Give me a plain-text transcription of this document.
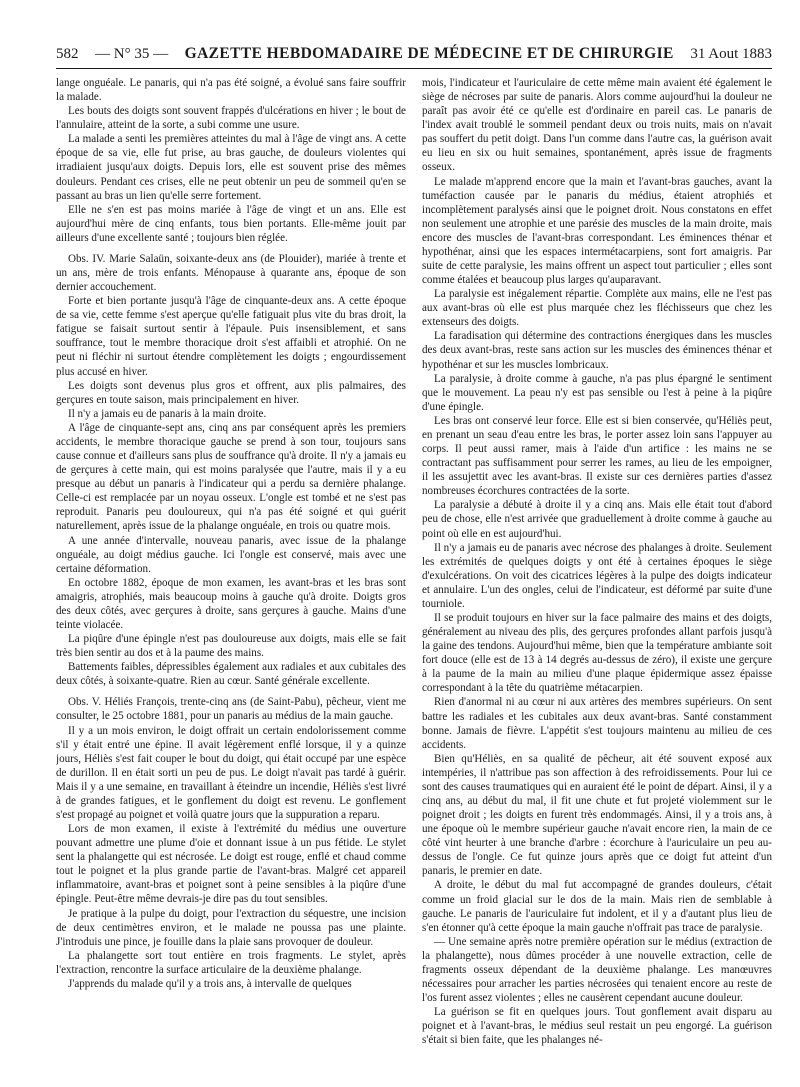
582 — N° 35 — GAZETTE HEBDOMADAIRE DE MÉDECINE ET DE CHIRURGIE 31 Aout 1883

lange onguéale. Le panaris, qui n'a pas été soigné, a évolué sans faire souffrir la malade.

Les bouts des doigts sont souvent frappés d'ulcérations en hiver ; le bout de l'annulaire, atteint de la sorte, a subi comme une usure.

La malade a senti les premières atteintes du mal à l'âge de vingt ans. A cette époque de sa vie, elle fut prise, au bras gauche, de douleurs violentes qui irradiaient jusqu'aux doigts. Depuis lors, elle est souvent prise des mêmes douleurs. Pendant ces crises, elle ne peut obtenir un peu de sommeil qu'en se passant au bras un lien qu'elle serre fortement.

Elle ne s'en est pas moins mariée à l'âge de vingt et un ans. Elle est aujourd'hui mère de cinq enfants, tous bien portants. Elle-même jouit par ailleurs d'une excellente santé ; toujours bien réglée.

Obs. IV. Marie Salaün, soixante-deux ans (de Plouider), mariée à trente et un ans, mère de trois enfants. Ménopause à quarante ans, époque de son dernier accouchement.

Forte et bien portante jusqu'à l'âge de cinquante-deux ans. A cette époque de sa vie, cette femme s'est aperçue qu'elle fatiguait plus vite du bras droit, la fatigue se faisait surtout sentir à l'épaule. Puis insensiblement, et sans souffrance, tout le membre thoracique droit s'est affaibli et atrophié. On ne peut ni fléchir ni surtout étendre complètement les doigts ; engourdissement plus accusé en hiver.

Les doigts sont devenus plus gros et offrent, aux plis palmaires, des gerçures en toute saison, mais principalement en hiver.

Il n'y a jamais eu de panaris à la main droite.

A l'âge de cinquante-sept ans, cinq ans par conséquent après les premiers accidents, le membre thoracique gauche se prend à son tour, toujours sans cause connue et d'ailleurs sans plus de souffrance qu'à droite. Il n'y a jamais eu de gerçures à cette main, qui est moins paralysée que l'autre, mais il y a eu presque au début un panaris à l'indicateur qui a perdu sa dernière phalange. Celle-ci est remplacée par un noyau osseux. L'ongle est tombé et ne s'est pas reproduit. Panaris peu douloureux, qui n'a pas été soigné et qui guérit naturellement, après issue de la phalange onguéale, en trois ou quatre mois.

A une année d'intervalle, nouveau panaris, avec issue de la phalange onguéale, au doigt médius gauche. Ici l'ongle est conservé, mais avec une certaine déformation.

En octobre 1882, époque de mon examen, les avant-bras et les bras sont amaigris, atrophiés, mais beaucoup moins à gauche qu'à droite. Doigts gros des deux côtés, avec gerçures à droite, sans gerçures à gauche. Mains d'une teinte violacée.

La piqûre d'une épingle n'est pas douloureuse aux doigts, mais elle se fait très bien sentir au dos et à la paume des mains.

Battements faibles, dépressibles également aux radiales et aux cubitales des deux côtés, à soixante-quatre. Rien au cœur. Santé générale excellente.

Obs. V. Héliés François, trente-cinq ans (de Saint-Pabu), pêcheur, vient me consulter, le 25 octobre 1881, pour un panaris au médius de la main gauche.

Il y a un mois environ, le doigt offrait un certain endolorissement comme s'il y était entré une épine. Il avait légèrement enflé lorsque, il y a quinze jours, Héliès s'est fait couper le bout du doigt, qui était occupé par une espèce de durillon. Il en était sorti un peu de pus. Le doigt n'avait pas tardé à guérir. Mais il y a une semaine, en travaillant à éteindre un incendie, Héliès s'est livré à de grandes fatigues, et le gonflement du doigt est revenu. Le gonflement s'est propagé au poignet et voilà quatre jours que la suppuration a reparu.

Lors de mon examen, il existe à l'extrémité du médius une ouverture pouvant admettre une plume d'oie et donnant issue à un pus fétide. Le stylet sent la phalangette qui est nécrosée. Le doigt est rouge, enflé et chaud comme tout le poignet et la plus grande partie de l'avant-bras. Malgré cet appareil inflammatoire, avant-bras et poignet sont à peine sensibles à la piqûre d'une épingle. Peut-être même devrais-je dire pas du tout sensibles.

Je pratique à la pulpe du doigt, pour l'extraction du séquestre, une incision de deux centimètres environ, et le malade ne poussa pas une plainte. J'introduis une pince, je fouille dans la plaie sans provoquer de douleur.

La phalangette sort tout entière en trois fragments. Le stylet, après l'extraction, rencontre la surface articulaire de la deuxième phalange.

J'apprends du malade qu'il y a trois ans, à intervalle de quelques

mois, l'indicateur et l'auriculaire de cette même main avaient été également le siège de nécroses par suite de panaris. Alors comme aujourd'hui la douleur ne paraît pas avoir été ce qu'elle est d'ordinaire en pareil cas. Le panaris de l'index avait troublé le sommeil pendant deux ou trois nuits, mais on n'avait pas souffert du petit doigt. Dans l'un comme dans l'autre cas, la guérison avait eu lieu en six ou huit semaines, spontanément, après issue de fragments osseux.

Le malade m'apprend encore que la main et l'avant-bras gauches, avant la tuméfaction causée par le panaris du médius, étaient atrophiés et incomplètement paralysés ainsi que le poignet droit. Nous constatons en effet non seulement une atrophie et une parésie des muscles de la main droite, mais encore des muscles de l'avant-bras correspondant. Les éminences thénar et hypothénar, ainsi que les espaces intermétacarpiens, sont fort amaigris. Par suite de cette paralysie, les mains offrent un aspect tout particulier ; elles sont comme étalées et beaucoup plus larges qu'auparavant.

La paralysie est inégalement répartie. Complète aux mains, elle ne l'est pas aux avant-bras où elle est plus marquée chez les fléchisseurs que chez les extenseurs des doigts.

La faradisation qui détermine des contractions énergiques dans les muscles des deux avant-bras, reste sans action sur les muscles des éminences thénar et hypothénar et sur les muscles lombricaux.

La paralysie, à droite comme à gauche, n'a pas plus épargné le sentiment que le mouvement. La peau n'y est pas sensible ou l'est à peine à la piqûre d'une épingle.

Les bras ont conservé leur force. Elle est si bien conservée, qu'Héliès peut, en prenant un seau d'eau entre les bras, le porter assez loin sans l'appuyer au corps. Il peut aussi ramer, mais à l'aide d'un artifice : les mains ne se contractant pas suffisamment pour serrer les rames, au lieu de les empoigner, il les assujettit avec les avant-bras. Il existe sur ces dernières parties d'assez nombreuses écorchures contractées de la sorte.

La paralysie a débuté à droite il y a cinq ans. Mais elle était tout d'abord peu de chose, elle n'est arrivée que graduellement à droite comme à gauche au point où elle en est aujourd'hui.

Il n'y a jamais eu de panaris avec nécrose des phalanges à droite. Seulement les extrémités de quelques doigts y ont été à certaines époques le siège d'exulcérations. On voit des cicatrices légères à la pulpe des doigts indicateur et annulaire. L'un des ongles, celui de l'indicateur, est déformé par suite d'une tourniole.

Il se produit toujours en hiver sur la face palmaire des mains et des doigts, généralement au niveau des plis, des gerçures profondes allant parfois jusqu'à la gaine des tendons. Aujourd'hui même, bien que la température ambiante soit fort douce (elle est de 13 à 14 degrés au-dessus de zéro), il existe une gerçure à la paume de la main au milieu d'une plaque épidermique assez épaisse correspondant à la tête du quatrième métacarpien.

Rien d'anormal ni au cœur ni aux artères des membres supérieurs. On sent battre les radiales et les cubitales aux deux avant-bras. Santé constamment bonne. Jamais de fièvre. L'appétit s'est toujours maintenu au milieu de ces accidents.

Bien qu'Héliès, en sa qualité de pêcheur, ait été souvent exposé aux intempéries, il n'attribue pas son affection à des refroidissements. Pour lui ce sont des causes traumatiques qui en auraient été le point de départ. Ainsi, il y a cinq ans, au début du mal, il fit une chute et fut projeté violemment sur le poignet droit ; les doigts en furent très endommagés. Ainsi, il y a trois ans, à une époque où le membre supérieur gauche n'avait encore rien, la main de ce côté vint heurter à une branche d'arbre : écorchure à l'auriculaire un peu au-dessus de l'ongle. Ce fut quinze jours après que ce doigt fut atteint d'un panaris, le premier en date.

A droite, le début du mal fut accompagné de grandes douleurs, c'était comme un froid glacial sur le dos de la main. Mais rien de semblable à gauche. Le panaris de l'auriculaire fut indolent, et il y a d'autant plus lieu de s'en étonner qu'à cette époque la main gauche n'offrait pas trace de paralysie.

— Une semaine après notre première opération sur le médius (extraction de la phalangette), nous dûmes procéder à une nouvelle extraction, celle de fragments osseux dépendant de la deuxième phalange. Les manœuvres nécessaires pour arracher les parties nécrosées qui tenaient encore au reste de l'os furent assez violentes ; elles ne causèrent cependant aucune douleur.

La guérison se fit en quelques jours. Tout gonflement avait disparu au poignet et à l'avant-bras, le médius seul restait un peu engorgé. La guérison s'était si bien faite, que les phalanges né-
